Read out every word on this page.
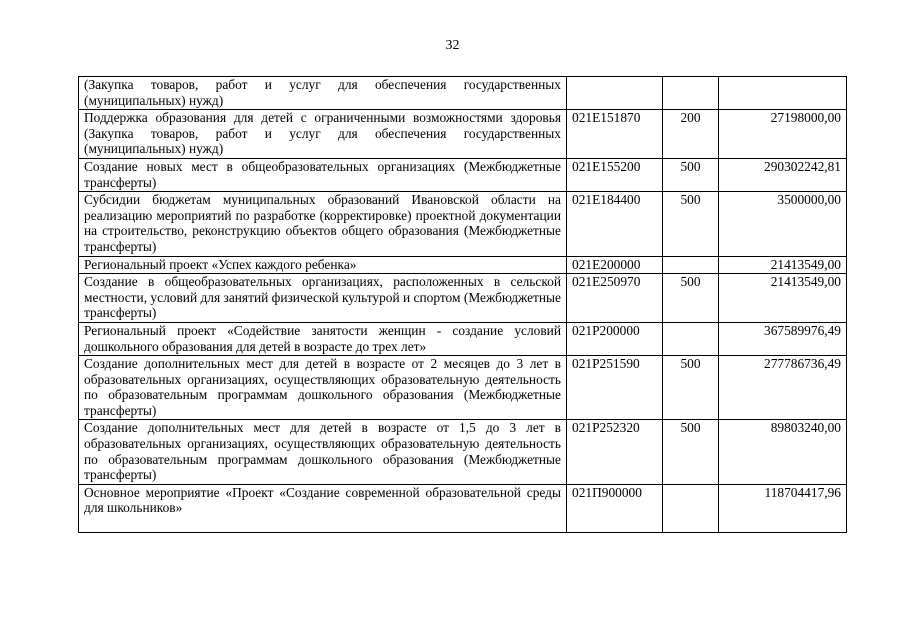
32
(Закупка товаров, работ и услуг для обеспечения государственных (муниципальных) нужд)			
Поддержка образования для детей с ограниченными возможностями здоровья (Закупка товаров, работ и услуг для обеспечения государственных (муниципальных) нужд)	021E151870	200	27198000,00
Создание новых мест в общеобразовательных организациях (Межбюджетные трансферты)	021E155200	500	290302242,81
Субсидии бюджетам муниципальных образований Ивановской области на реализацию мероприятий по разработке (корректировке) проектной документации на строительство, реконструкцию объектов общего образования (Межбюджетные трансферты)	021E184400	500	3500000,00
Региональный проект «Успех каждого ребенка»	021E200000		21413549,00
Создание в общеобразовательных организациях, расположенных в сельской местности, условий для занятий физической культурой и спортом (Межбюджетные трансферты)	021E250970	500	21413549,00
Региональный проект «Содействие занятости женщин - создание условий дошкольного образования для детей в возрасте до трех лет»	021P200000		367589976,49
Создание дополнительных мест для детей в возрасте от 2 месяцев до 3 лет в образовательных организациях, осуществляющих образовательную деятельность по образовательным программам дошкольного образования (Межбюджетные трансферты)	021P251590	500	277786736,49
Создание дополнительных мест для детей в возрасте от 1,5 до 3 лет в образовательных организациях, осуществляющих образовательную деятельность по образовательным программам дошкольного образования (Межбюджетные трансферты)	021P252320	500	89803240,00
Основное мероприятие «Проект «Создание современной образовательной среды для школьников»	021П900000		118704417,96
